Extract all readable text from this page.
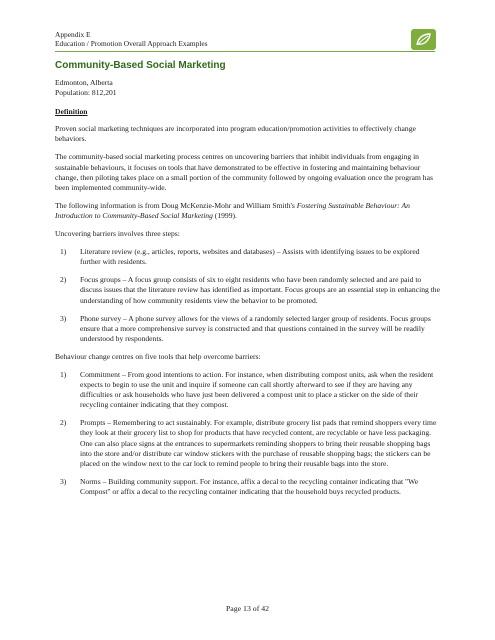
Appendix E
Education / Promotion Overall Approach Examples
Community-Based Social Marketing

Edmonton, Alberta

Population: 812,201

Definition

Proven social marketing techniques are incorporated into program education/promotion activities to effectively change behaviors.

The community-based social marketing process centres on uncovering barriers that inhibit individuals from engaging in sustainable behaviours, it focuses on tools that have demonstrated to be effective in fostering and maintaining behaviour change, then piloting takes place on a small portion of the community followed by ongoing evaluation once the program has been implemented community-wide.

The following information is from Doug McKenzie-Mohr and William Smith's Fostering Sustainable Behaviour: An Introduction to Community-Based Social Marketing (1999).

Uncovering barriers involves three steps:

1)	Literature review (e.g., articles, reports, websites and databases) – Assists with identifying issues to be explored further with residents.
2)	Focus groups – A focus group consists of six to eight residents who have been randomly selected and are paid to discuss issues that the literature review has identified as important. Focus groups are an essential step in enhancing the understanding of how community residents view the behavior to be promoted.
3)	Phone survey – A phone survey allows for the views of a randomly selected larger group of residents. Focus groups ensure that a more comprehensive survey is constructed and that questions contained in the survey will be readily understood by respondents.

Behaviour change centres on five tools that help overcome barriers:

1)	Commitment – From good intentions to action. For instance, when distributing compost units, ask when the resident expects to begin to use the unit and inquire if someone can call shortly afterward to see if they are having any difficulties or ask households who have just been delivered a compost unit to place a sticker on the side of their recycling container indicating that they compost.
2)	Prompts – Remembering to act sustainably. For example, distribute grocery list pads that remind shoppers every time they look at their grocery list to shop for products that have recycled content, are recyclable or have less packaging. One can also place signs at the entrances to supermarkets reminding shoppers to bring their reusable shopping bags into the store and/or distribute car window stickers with the purchase of reusable shopping bags; the stickers can be placed on the window next to the car lock to remind people to bring their reusable bags into the store.
3)	Norms – Building community support. For instance, affix a decal to the recycling container indicating that "We Compost" or affix a decal to the recycling container indicating that the household buys recycled products.
Page 13 of 42
